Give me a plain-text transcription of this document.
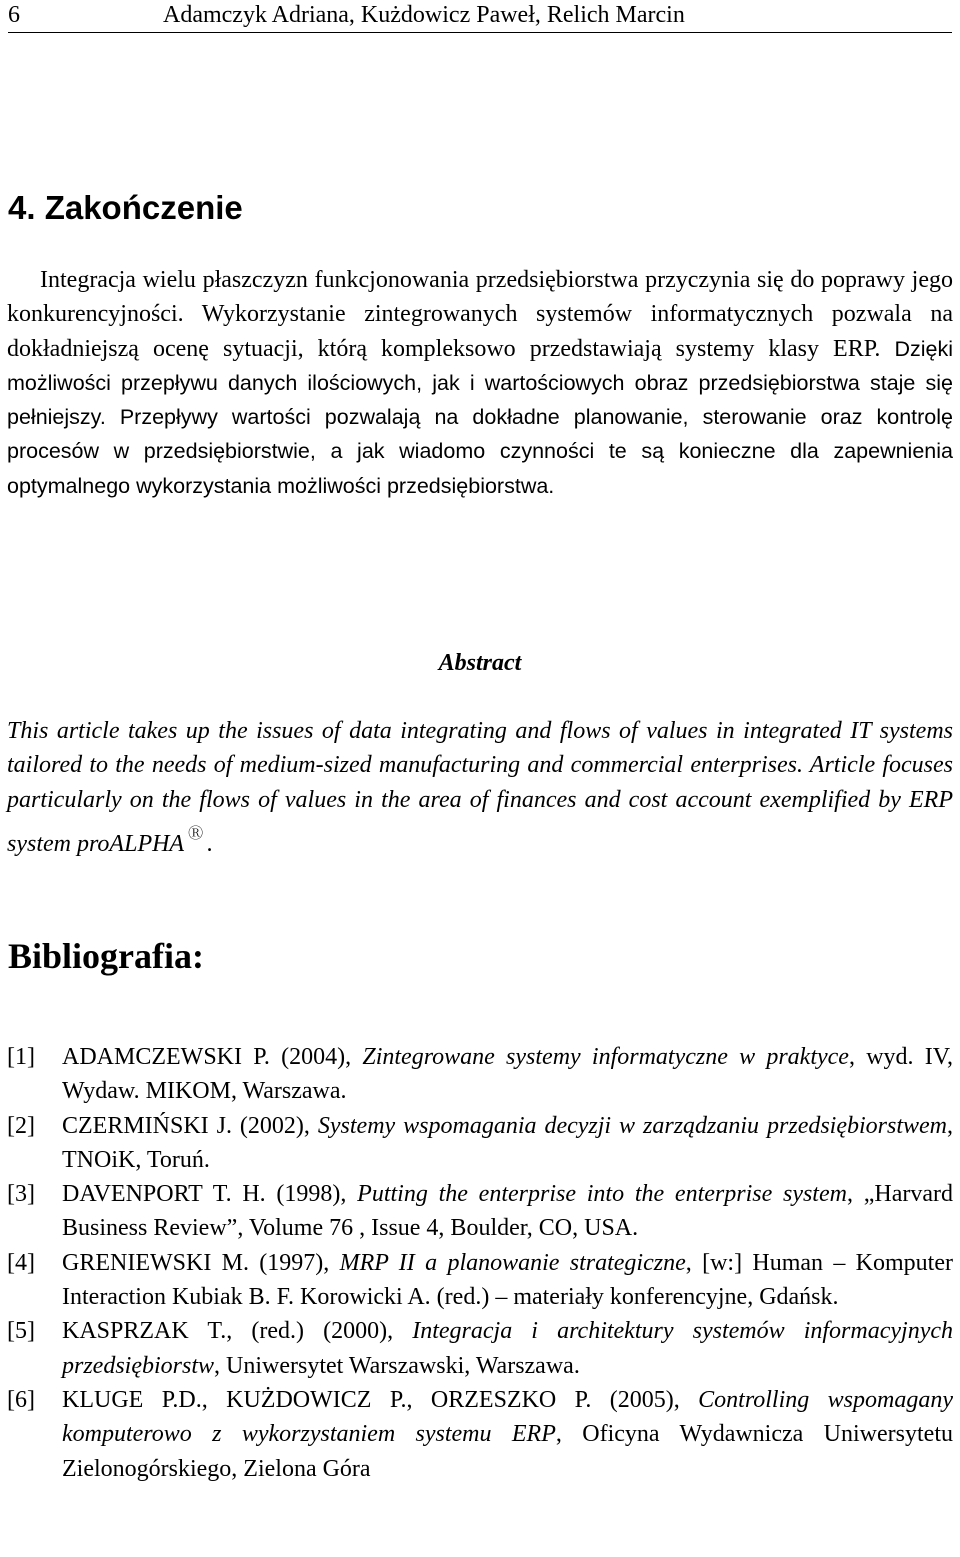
6	Adamczyk Adriana, Kużdowicz Paweł, Relich Marcin
4. Zakończenie

Integracja wielu płaszczyzn funkcjonowania przedsiębiorstwa przyczynia się do poprawy jego konkurencyjności. Wykorzystanie zintegrowanych systemów informatycznych pozwala na dokładniejszą ocenę sytuacji, którą kompleksowo przedstawiają systemy klasy ERP. Dzięki możliwości przepływu danych ilościowych, jak i wartościowych obraz przedsiębiorstwa staje się pełniejszy. Przepływy wartości pozwalają na dokładne planowanie, sterowanie oraz kontrolę procesów w przedsiębiorstwie, a jak wiadomo czynności te są konieczne dla zapewnienia optymalnego wykorzystania możliwości przedsiębiorstwa.

Abstract

This article takes up the issues of data integrating and flows of values in integrated IT systems tailored to the needs of medium-sized manufacturing and commercial enterprises. Article focuses particularly on the flows of values in the area of finances and cost account exemplified by ERP system proALPHA Ⓡ .

Bibliografia:
[1] ADAMCZEWSKI P. (2004), Zintegrowane systemy informatyczne w praktyce, wyd. IV, Wydaw. MIKOM, Warszawa.
[2] CZERMIŃSKI J. (2002), Systemy wspomagania decyzji w zarządzaniu przedsiębiorstwem, TNOiK, Toruń.
[3] DAVENPORT T. H. (1998), Putting the enterprise into the enterprise system, „Harvard Business Review”, Volume 76 , Issue 4, Boulder, CO, USA.
[4] GRENIEWSKI M. (1997), MRP II a planowanie strategiczne, [w:] Human – Komputer Interaction Kubiak B. F. Korowicki A. (red.) – materiały konferencyjne, Gdańsk.
[5] KASPRZAK T., (red.) (2000), Integracja i architektury systemów informacyjnych przedsiębiorstw, Uniwersytet Warszawski, Warszawa.
[6] KLUGE P.D., KUŻDOWICZ P., ORZESZKO P. (2005), Controlling wspomagany komputerowo z wykorzystaniem systemu ERP, Oficyna Wydawnicza Uniwersytetu Zielonogórskiego, Zielona Góra
